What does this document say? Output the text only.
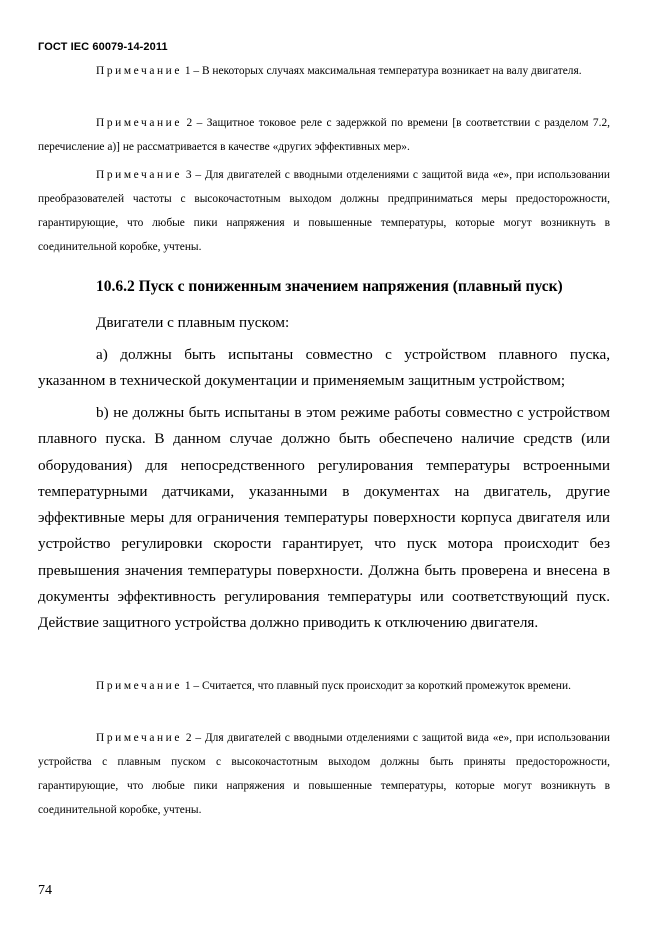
ГОСТ IEC 60079-14-2011

Примечание 1 – В некоторых случаях максимальная температура возникает на валу двигателя.

Примечание 2 – Защитное токовое реле с задержкой по времени [в соответствии с разделом 7.2, перечисление а)] не рассматривается в качестве «других эффективных мер».

Примечание 3 – Для двигателей с вводными отделениями с защитой вида «е», при использовании преобразователей частоты с высокочастотным выходом должны предприниматься меры предосторожности, гарантирующие, что любые пики напряжения и повышенные температуры, которые могут возникнуть в соединительной коробке, учтены.

10.6.2 Пуск с пониженным значением напряжения (плавный пуск)

Двигатели с плавным пуском:

а) должны быть испытаны совместно с устройством плавного пуска, указанном в технической документации и применяемым защитным устройством;

b) не должны быть испытаны в этом режиме работы совместно с устройством плавного пуска. В данном случае должно быть обеспечено наличие средств (или оборудования) для непосредственного регулирования температуры встроенными температурными датчиками, указанными в документах на двигатель, другие эффективные меры для ограничения температуры поверхности корпуса двигателя или устройство регулировки скорости гарантирует, что пуск мотора происходит без превышения значения температуры поверхности. Должна быть проверена и внесена в документы эффективность регулирования температуры или соответствующий пуск. Действие защитного устройства должно приводить к отключению двигателя.

Примечание 1 – Считается, что плавный пуск происходит за короткий промежуток времени.

Примечание 2 – Для двигателей с вводными отделениями с защитой вида «е», при использовании устройства с плавным пуском с высокочастотным выходом должны быть приняты предосторожности, гарантирующие, что любые пики напряжения и повышенные температуры, которые могут возникнуть в соединительной коробке, учтены.

74
